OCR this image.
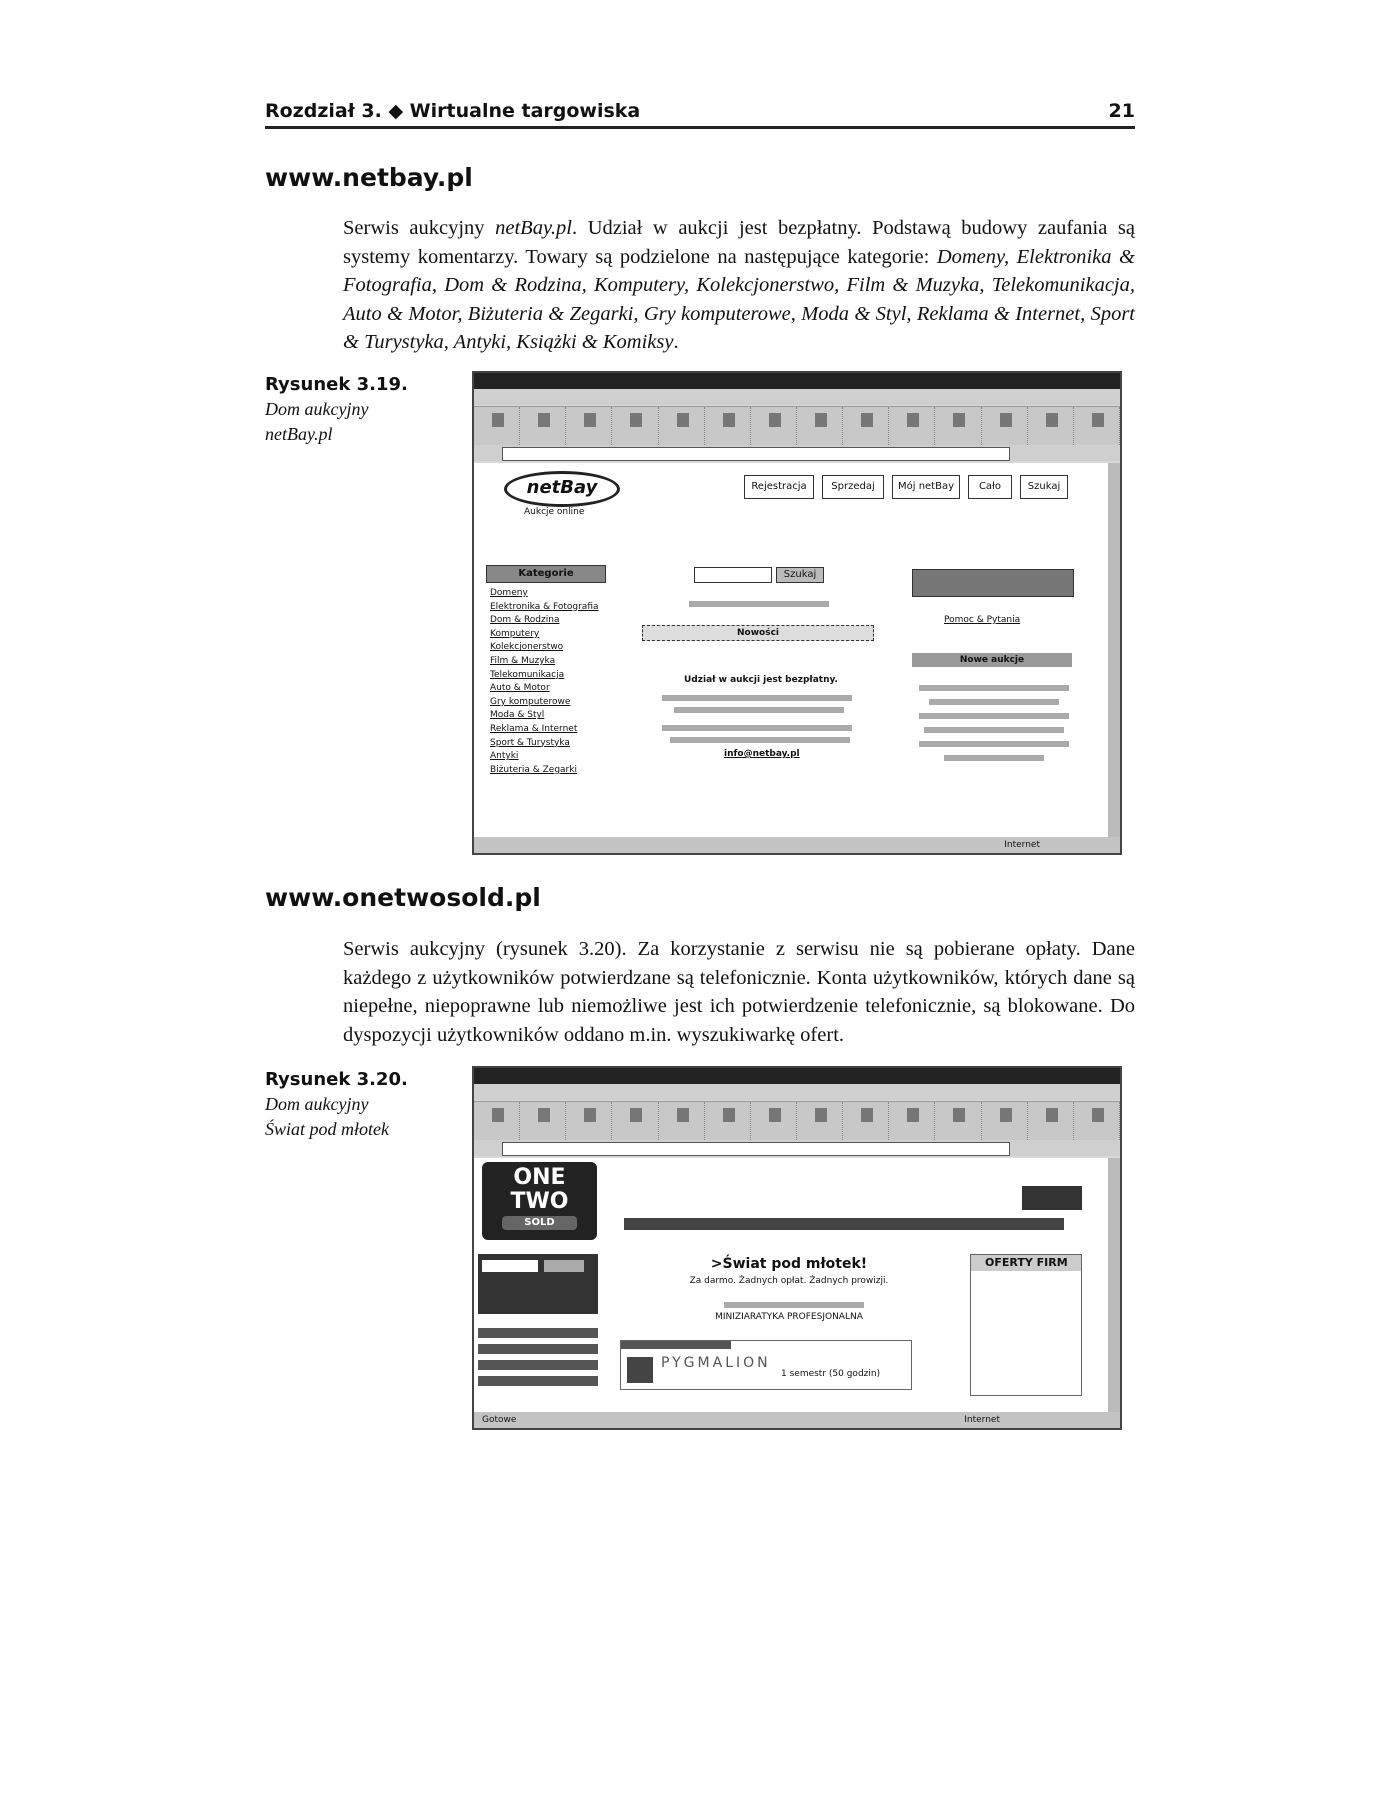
Rozdział 3. ◆ Wirtualne targowiska	21
www.netbay.pl
Serwis aukcyjny netBay.pl. Udział w aukcji jest bezpłatny. Podstawą budowy zaufania są systemy komentarzy. Towary są podzielone na następujące kategorie: Domeny, Elektronika & Fotografia, Dom & Rodzina, Komputery, Kolekcjonerstwo, Film & Muzyka, Telekomunikacja, Auto & Motor, Biżuteria & Zegarki, Gry komputerowe, Moda & Styl, Reklama & Internet, Sport & Turystyka, Antyki, Książki & Komiksy.
Rysunek 3.19.
Dom aukcyjny
netBay.pl
netBay
Aukcje online
Rejestracja	Sprzedaj	Mój netBay	Cało	Szukaj
Kategorie
Domeny
Elektronika & Fotografia
Dom & Rodzina
Komputery
Kolekcjonerstwo
Film & Muzyka
Telekomunikacja
Auto & Motor
Gry komputerowe
Moda & Styl
Reklama & Internet
Sport & Turystyka
Antyki
Biżuteria & Zegarki
Szukaj
Nowości
Udział w aukcji jest bezpłatny.
info@netbay.pl
Pomoc & Pytania
Nowe aukcje
Internet
www.onetwosold.pl
Serwis aukcyjny (rysunek 3.20). Za korzystanie z serwisu nie są pobierane opłaty. Dane każdego z użytkowników potwierdzane są telefonicznie. Konta użytkowników, których dane są niepełne, niepoprawne lub niemożliwe jest ich potwierdzenie telefonicznie, są blokowane. Do dyspozycji użytkowników oddano m.in. wyszukiwarkę ofert.
Rysunek 3.20.
Dom aukcyjny
Świat pod młotek
ONE
TWO
SOLD
>Świat pod młotek!
Za darmo. Żadnych opłat. Żadnych prowizji.
MINIZIARATYKA PROFESJONALNA
PYGMALION
1 semestr (50 godzin)
OFERTY FIRM
Gotowe	Internet
